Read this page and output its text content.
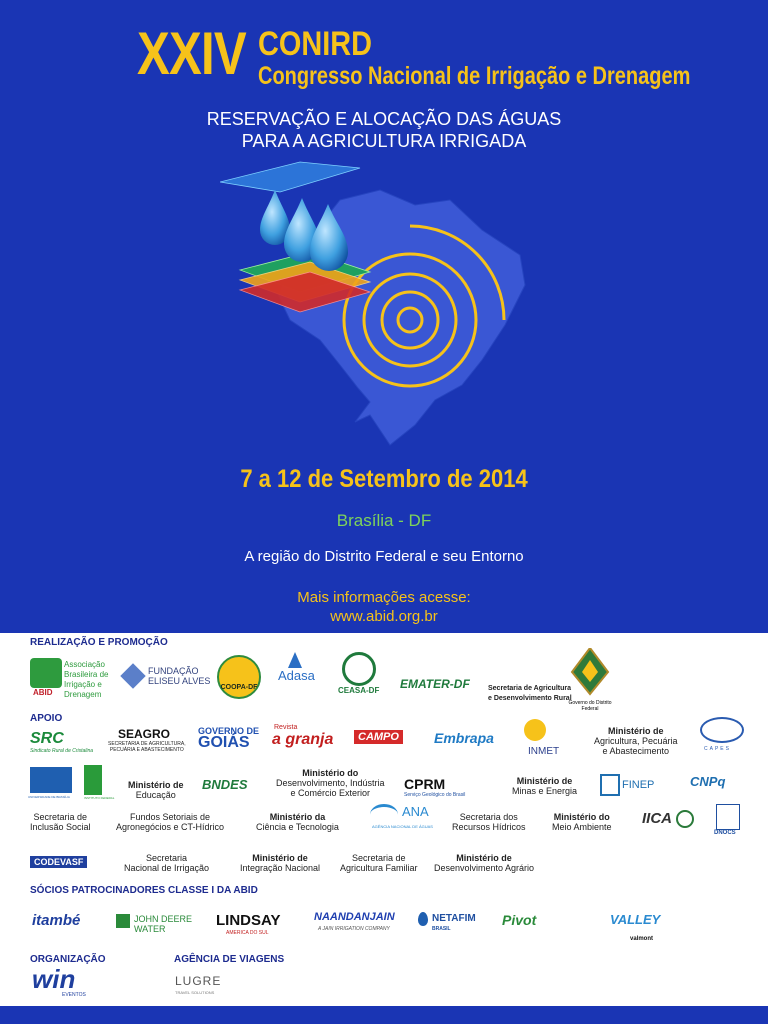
XXIV CONIRD
Congresso Nacional de Irrigação e Drenagem
RESERVAÇÃO E ALOCAÇÃO DAS ÁGUAS
PARA A AGRICULTURA IRRIGADA
7 a 12 de Setembro de 2014
Brasília - DF
A região do Distrito Federal e seu Entorno
Mais informações acesse:
www.abid.org.br
REALIZAÇÃO E PROMOÇÃO
ABID
Associação
Brasileira de
Irrigação e
Drenagem
FUNDAÇÃO
ELISEU ALVES
COOPA-DF
Adasa
CEASA-DF EMATER-DF	Secretaria de Agricultura
e Desenvolvimento Rural
Governo do Distrito Federal
APOIO
SRC
Sindicato Rural de Cristalina
SEAGRO
SECRETARIA DE AGRICULTURA,
PECUÁRIA E ABASTECIMENTO
GOVERNO DE
GOIÁS
Revista
a granja	CAMPO	Embrapa
INMET
Ministério de
Agricultura, Pecuária
e Abastecimento	CAPES
UNIVERSIDADE DE BRASÍLIA	INSTITUTO FEDERAL
Ministério de
Educação
BNDES
Ministério do
Desenvolvimento, Indústria
e Comércio Exterior
CPRM
Serviço Geológico do Brasil
Ministério de
Minas e Energia	FINEP	CNPq
Secretaria de
Inclusão Social
Fundos Setoriais de
Agronegócios e CT-Hídrico
Ministério da
Ciência e Tecnologia
ANA
AGÊNCIA NACIONAL DE ÁGUAS
Secretaria dos
Recursos Hídricos
Ministério do
Meio Ambiente IICA
DNOCS
CODEVASF	Secretaria
Nacional de Irrigação
Ministério de
Integração Nacional
Secretaria de
Agricultura Familiar
Ministério de
Desenvolvimento Agrário
SÓCIOS PATROCINADORES CLASSE I DA ABID
itambé	JOHN DEERE
WATER	LINDSAY
AMERICA DO SUL
NAANDANJAIN
A JAIN IRRIGATION COMPANY
NETAFIM
BRASIL
Pivot	VALLEY
valmont
ORGANIZAÇÃO	AGÊNCIA DE VIAGENS
win
EVENTOS
LUGRE
TRAVEL SOLUTIONS
